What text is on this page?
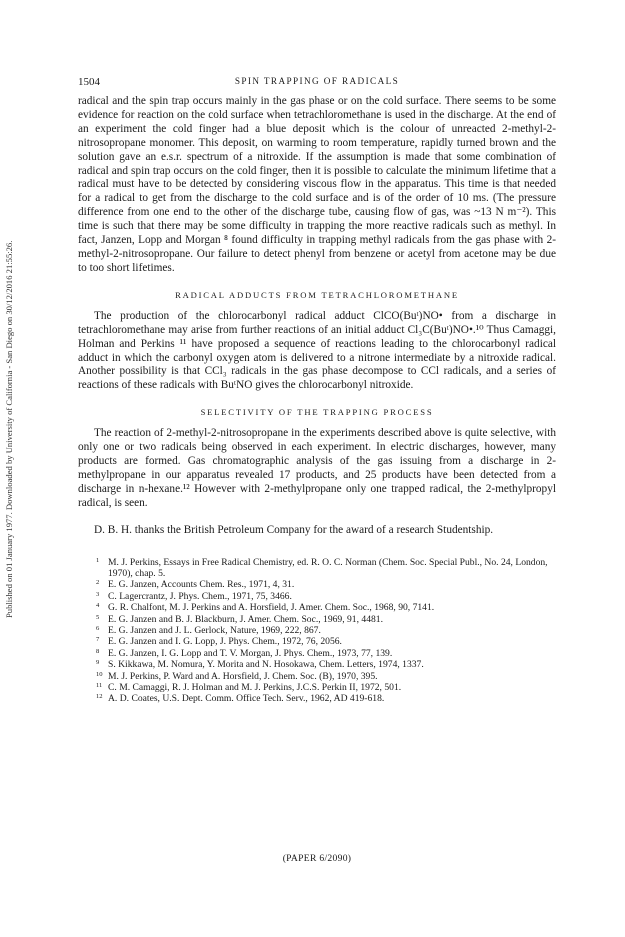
Published on 01 January 1977. Downloaded by University of California - San Diego on 30/12/2016 21:55:26.
1504	SPIN TRAPPING OF RADICALS

radical and the spin trap occurs mainly in the gas phase or on the cold surface. There seems to be some evidence for reaction on the cold surface when tetrachloromethane is used in the discharge. At the end of an experiment the cold finger had a blue deposit which is the colour of unreacted 2-methyl-2-nitrosopropane monomer. This deposit, on warming to room temperature, rapidly turned brown and the solution gave an e.s.r. spectrum of a nitroxide. If the assumption is made that some combination of radical and spin trap occurs on the cold finger, then it is possible to calculate the minimum lifetime that a radical must have to be detected by considering viscous flow in the apparatus. This time is that needed for a radical to get from the discharge to the cold surface and is of the order of 10 ms. (The pressure difference from one end to the other of the discharge tube, causing flow of gas, was ~13 N m⁻²). This time is such that there may be some difficulty in trapping the more reactive radicals such as methyl. In fact, Janzen, Lopp and Morgan ⁸ found difficulty in trapping methyl radicals from the gas phase with 2-methyl-2-nitrosopropane. Our failure to detect phenyl from benzene or acetyl from acetone may be due to too short lifetimes.

RADICAL ADDUCTS FROM TETRACHLOROMETHANE

The production of the chlorocarbonyl radical adduct ClCO(Buᵗ)NO• from a discharge in tetrachloromethane may arise from further reactions of an initial adduct Cl₃C(Buᵗ)NO•.¹⁰ Thus Camaggi, Holman and Perkins ¹¹ have proposed a sequence of reactions leading to the chlorocarbonyl radical adduct in which the carbonyl oxygen atom is delivered to a nitrone intermediate by a nitroxide radical. Another possibility is that CCl₃ radicals in the gas phase decompose to CCl radicals, and a series of reactions of these radicals with BuᵗNO gives the chlorocarbonyl nitroxide.

SELECTIVITY OF THE TRAPPING PROCESS

The reaction of 2-methyl-2-nitrosopropane in the experiments described above is quite selective, with only one or two radicals being observed in each experiment. In electric discharges, however, many products are formed. Gas chromatographic analysis of the gas issuing from a discharge in 2-methylpropane in our apparatus revealed 17 products, and 25 products have been detected from a discharge in n-hexane.¹² However with 2-methylpropane only one trapped radical, the 2-methylpropyl radical, is seen.

D. B. H. thanks the British Petroleum Company for the award of a research Studentship.

1 M. J. Perkins, Essays in Free Radical Chemistry, ed. R. O. C. Norman (Chem. Soc. Special Publ., No. 24, London, 1970), chap. 5.
2 E. G. Janzen, Accounts Chem. Res., 1971, 4, 31.
3 C. Lagercrantz, J. Phys. Chem., 1971, 75, 3466.
4 G. R. Chalfont, M. J. Perkins and A. Horsfield, J. Amer. Chem. Soc., 1968, 90, 7141.
5 E. G. Janzen and B. J. Blackburn, J. Amer. Chem. Soc., 1969, 91, 4481.
6 E. G. Janzen and J. L. Gerlock, Nature, 1969, 222, 867.
7 E. G. Janzen and I. G. Lopp, J. Phys. Chem., 1972, 76, 2056.
8 E. G. Janzen, I. G. Lopp and T. V. Morgan, J. Phys. Chem., 1973, 77, 139.
9 S. Kikkawa, M. Nomura, Y. Morita and N. Hosokawa, Chem. Letters, 1974, 1337.
10 M. J. Perkins, P. Ward and A. Horsfield, J. Chem. Soc. (B), 1970, 395.
11 C. M. Camaggi, R. J. Holman and M. J. Perkins, J.C.S. Perkin II, 1972, 501.
12 A. D. Coates, U.S. Dept. Comm. Office Tech. Serv., 1962, AD 419-618.
(PAPER 6/2090)
